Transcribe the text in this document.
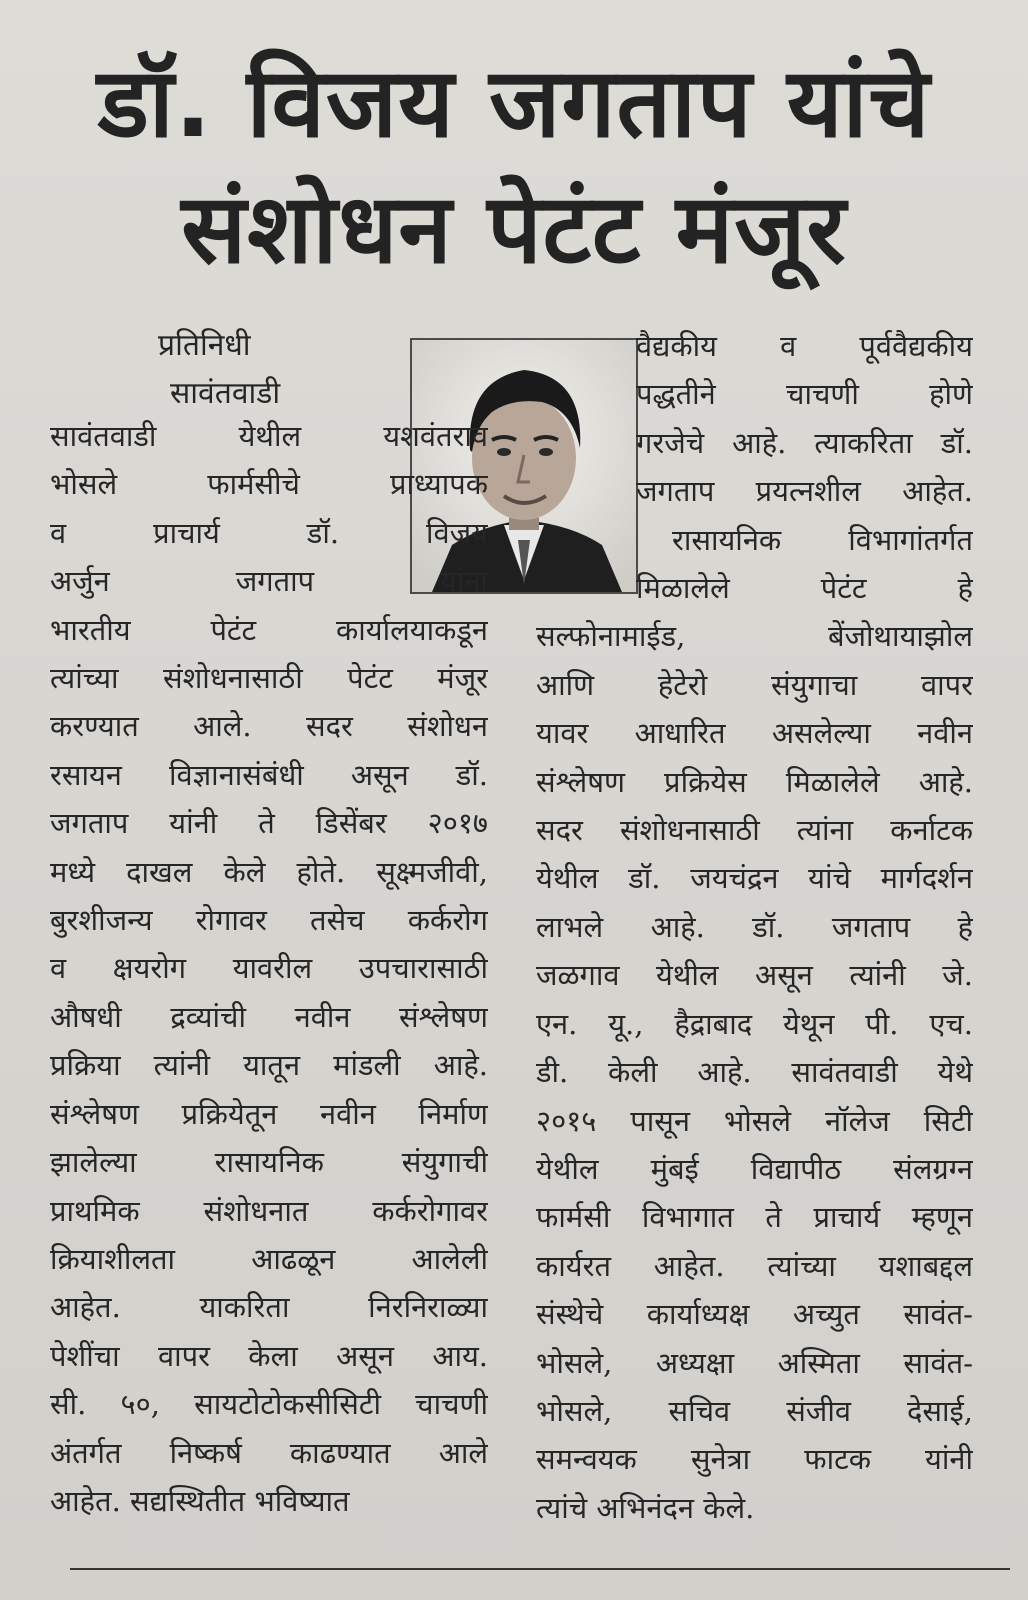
डॉ. विजय जगताप यांचे
संशोधन पेटंट मंजूर
प्रतिनिधी
सावंतवाडी
सावंतवाडी येथील यशवंतराव
भोसले फार्मसीचे प्राध्यापक
व प्राचार्य डॉ. विजय
अर्जुन जगताप यांना
भारतीय पेटंट कार्यालयाकडून
त्यांच्या संशोधनासाठी पेटंट मंजूर
करण्यात आले. सदर संशोधन
रसायन विज्ञानासंबंधी असून डॉ.
जगताप यांनी ते डिसेंबर २०१७
मध्ये दाखल केले होते. सूक्ष्मजीवी,
बुरशीजन्य रोगावर तसेच कर्करोग
व क्षयरोग यावरील उपचारासाठी
औषधी द्रव्यांची नवीन संश्लेषण
प्रक्रिया त्यांनी यातून मांडली आहे.
संश्लेषण प्रक्रियेतून नवीन निर्माण
झालेल्या रासायनिक संयुगाची
प्राथमिक संशोधनात कर्करोगावर
क्रियाशीलता आढळून आलेली
आहेत. याकरिता निरनिराळ्या
पेशींचा वापर केला असून आय.
सी. ५०, सायटोटोकसीसिटी चाचणी
अंतर्गत निष्कर्ष काढण्यात आले
आहेत. सद्यस्थितीत भविष्यात
वैद्यकीय व पूर्ववैद्यकीय
पद्धतीने चाचणी होणे
गरजेचे आहे. त्याकरिता डॉ.
जगताप प्रयत्नशील आहेत.
रासायनिक विभागांतर्गत
मिळालेले पेटंट हे
सल्फोनामाईड, बेंजोथायाझोल
आणि हेटेरो संयुगाचा वापर
यावर आधारित असलेल्या नवीन
संश्लेषण प्रक्रियेस मिळालेले आहे.
सदर संशोधनासाठी त्यांना कर्नाटक
येथील डॉ. जयचंद्रन यांचे मार्गदर्शन
लाभले आहे. डॉ. जगताप हे
जळगाव येथील असून त्यांनी जे.
एन. यू., हैद्राबाद येथून पी. एच.
डी. केली आहे. सावंतवाडी येथे
२०१५ पासून भोसले नॉलेज सिटी
येथील मुंबई विद्यापीठ संलग्रग्न
फार्मसी विभागात ते प्राचार्य म्हणून
कार्यरत आहेत. त्यांच्या यशाबद्दल
संस्थेचे कार्याध्यक्ष अच्युत सावंत-
भोसले, अध्यक्षा अस्मिता सावंत-
भोसले, सचिव संजीव देसाई,
समन्वयक सुनेत्रा फाटक यांनी
त्यांचे अभिनंदन केले.
